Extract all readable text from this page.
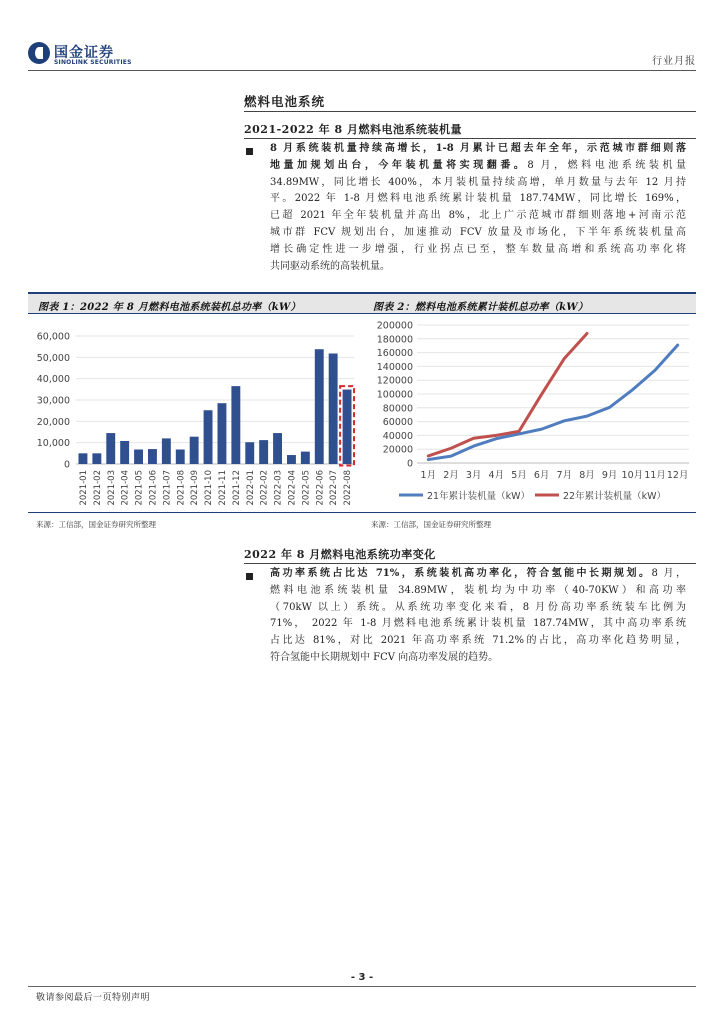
国金证券
SINOLINK SECURITIES	行业月报
燃料电池系统
2021-2022 年 8 月燃料电池系统装机量
8 月系统装机量持续高增长，1-8 月累计已超去年全年，示范城市群细则落
地量加规划出台，今年装机量将实现翻番。8 月，燃料电池系统装机量
34.89MW，同比增长 400%，本月装机量持续高增，单月数量与去年 12 月持
平。2022 年 1-8 月燃料电池系统累计装机量 187.74MW，同比增长 169%，
已超 2021 年全年装机量并高出 8%，北上广示范城市群细则落地+河南示范
城市群 FCV 规划出台，加速推动 FCV 放量及市场化，下半年系统装机量高
增长确定性进一步增强，行业拐点已至，整车数量高增和系统高功率化将
共同驱动系统的高装机量。
图表 1：2022 年 8 月燃料电池系统装机总功率（kW）
0
10,000
20,000
30,000
40,000
50,000
60,000
2021-01 2021-02 2021-03 2021-04 2021-05 2021-06 2021-07 2021-08 2021-09 2021-10 2021-11 2021-12 2022-01 2022-02 2022-03 2022-04 2022-05 2022-06 2022-07 2022-08
来源：工信部，国金证券研究所整理
图表 2：燃料电池系统累计装机总功率（kW）
0
20000
40000
60000
80000
100000
120000
140000
160000
180000
200000
1月 2月 3月 4月 5月 6月 7月 8月 9月 10月 11月 12月
21年累计装机量（kW）	22年累计装机量（kW）
来源：工信部，国金证券研究所整理
2022 年 8 月燃料电池系统功率变化
高功率系统占比达 71%，系统装机高功率化，符合氢能中长期规划。8 月，
燃料电池系统装机量 34.89MW，装机均为中功率（40-70KW）和高功率
（70kW 以上）系统。从系统功率变化来看，8 月份高功率系统装车比例为
71%， 2022 年 1-8 月燃料电池系统累计装机量 187.74MW，其中高功率系统
占比达 81%，对比 2021 年高功率系统 71.2%的占比，高功率化趋势明显，
符合氢能中长期规划中 FCV 向高功率发展的趋势。
- 3 -
敬请参阅最后一页特别声明
